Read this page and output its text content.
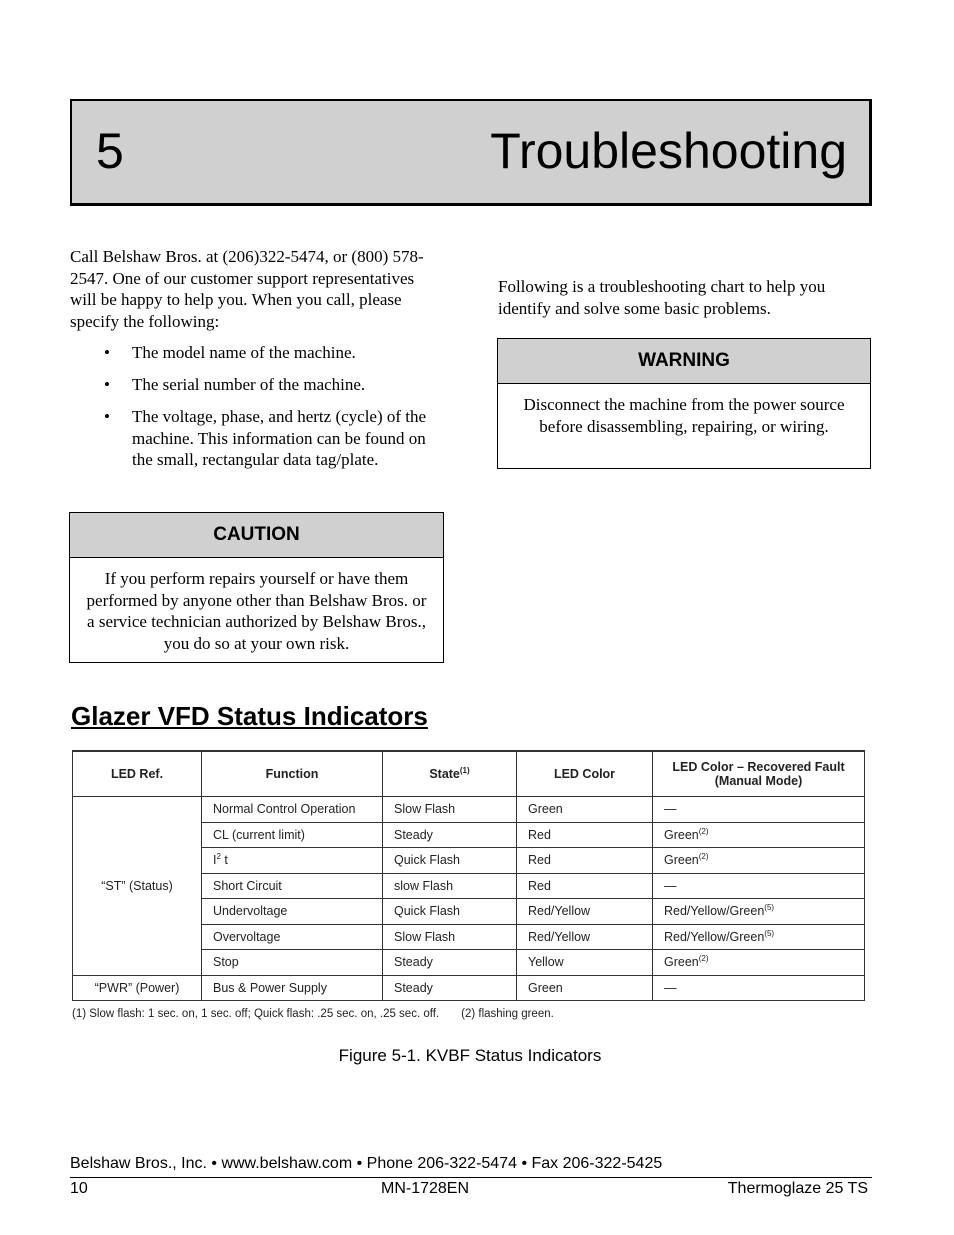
5	Troubleshooting
Call Belshaw Bros. at (206)322-5474, or (800) 578-2547. One of our customer support representatives will be happy to help you. When you call, please specify the following:
• The model name of the machine.
• The serial number of the machine.
• The voltage, phase, and hertz (cycle) of the machine. This information can be found on the small, rectangular data tag/plate.
CAUTION
If you perform repairs yourself or have them performed by anyone other than Belshaw Bros. or a service technician authorized by Belshaw Bros., you do so at your own risk.
Following is a troubleshooting chart to help you identify and solve some basic problems.
WARNING
Disconnect the machine from the power source before disassembling, repairing, or wiring.
Glazer VFD Status Indicators
LED Ref.	Function	State$^{(1)}$	LED Color	LED Color – Recovered Fault
(Manual Mode)
“ST” (Status)	Normal Control Operation	Slow Flash	Green	—
	CL (current limit)	Steady	Red	Green$^{(2)}$
	$I^2$ t	Quick Flash	Red	Green$^{(2)}$
	Short Circuit	slow Flash	Red	—
	Undervoltage	Quick Flash	Red/Yellow	Red/Yellow/Green$^{(5)}$
	Overvoltage	Slow Flash	Red/Yellow	Red/Yellow/Green$^{(5)}$
	Stop	Steady	Yellow	Green$^{(2)}$
“PWR” (Power)	Bus & Power Supply	Steady	Green	—
(1) Slow flash: 1 sec. on, 1 sec. off; Quick flash: .25 sec. on, .25 sec. off. (2) flashing green.
Figure 5-1. KVBF Status Indicators
Belshaw Bros., Inc. • www.belshaw.com • Phone 206-322-5474 • Fax 206-322-5425
10	MN-1728EN	Thermoglaze 25 TS
